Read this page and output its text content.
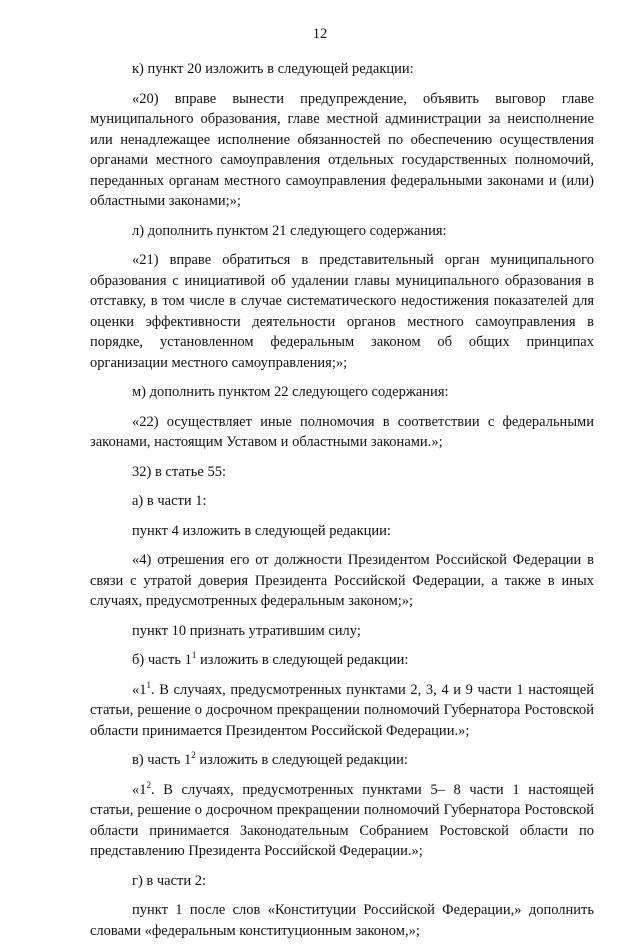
12

к) пункт 20 изложить в следующей редакции:

«20) вправе вынести предупреждение, объявить выговор главе муниципального образования, главе местной администрации за неисполнение или ненадлежащее исполнение обязанностей по обеспечению осуществления органами местного самоуправления отдельных государственных полномочий, переданных органам местного самоуправления федеральными законами и (или) областными законами;»;

л) дополнить пунктом 21 следующего содержания:

«21) вправе обратиться в представительный орган муниципального образования с инициативой об удалении главы муниципального образования в отставку, в том числе в случае систематического недостижения показателей для оценки эффективности деятельности органов местного самоуправления в порядке, установленном федеральным законом об общих принципах организации местного самоуправления;»;

м) дополнить пунктом 22 следующего содержания:

«22) осуществляет иные полномочия в соответствии с федеральными законами, настоящим Уставом и областными законами.»;

32) в статье 55:

а) в части 1:

пункт 4 изложить в следующей редакции:

«4) отрешения его от должности Президентом Российской Федерации в связи с утратой доверия Президента Российской Федерации, а также в иных случаях, предусмотренных федеральным законом;»;

пункт 10 признать утратившим силу;

б) часть $1^1$ изложить в следующей редакции:

«$1^1$. В случаях, предусмотренных пунктами 2, 3, 4 и 9 части 1 настоящей статьи, решение о досрочном прекращении полномочий Губернатора Ростовской области принимается Президентом Российской Федерации.»;

в) часть $1^2$ изложить в следующей редакции:

«$1^2$. В случаях, предусмотренных пунктами 5– 8 части 1 настоящей статьи, решение о досрочном прекращении полномочий Губернатора Ростовской области принимается Законодательным Собранием Ростовской области по представлению Президента Российской Федерации.»;

г) в части 2:

пункт 1 после слов «Конституции Российской Федерации,» дополнить словами «федеральным конституционным законом,»;
